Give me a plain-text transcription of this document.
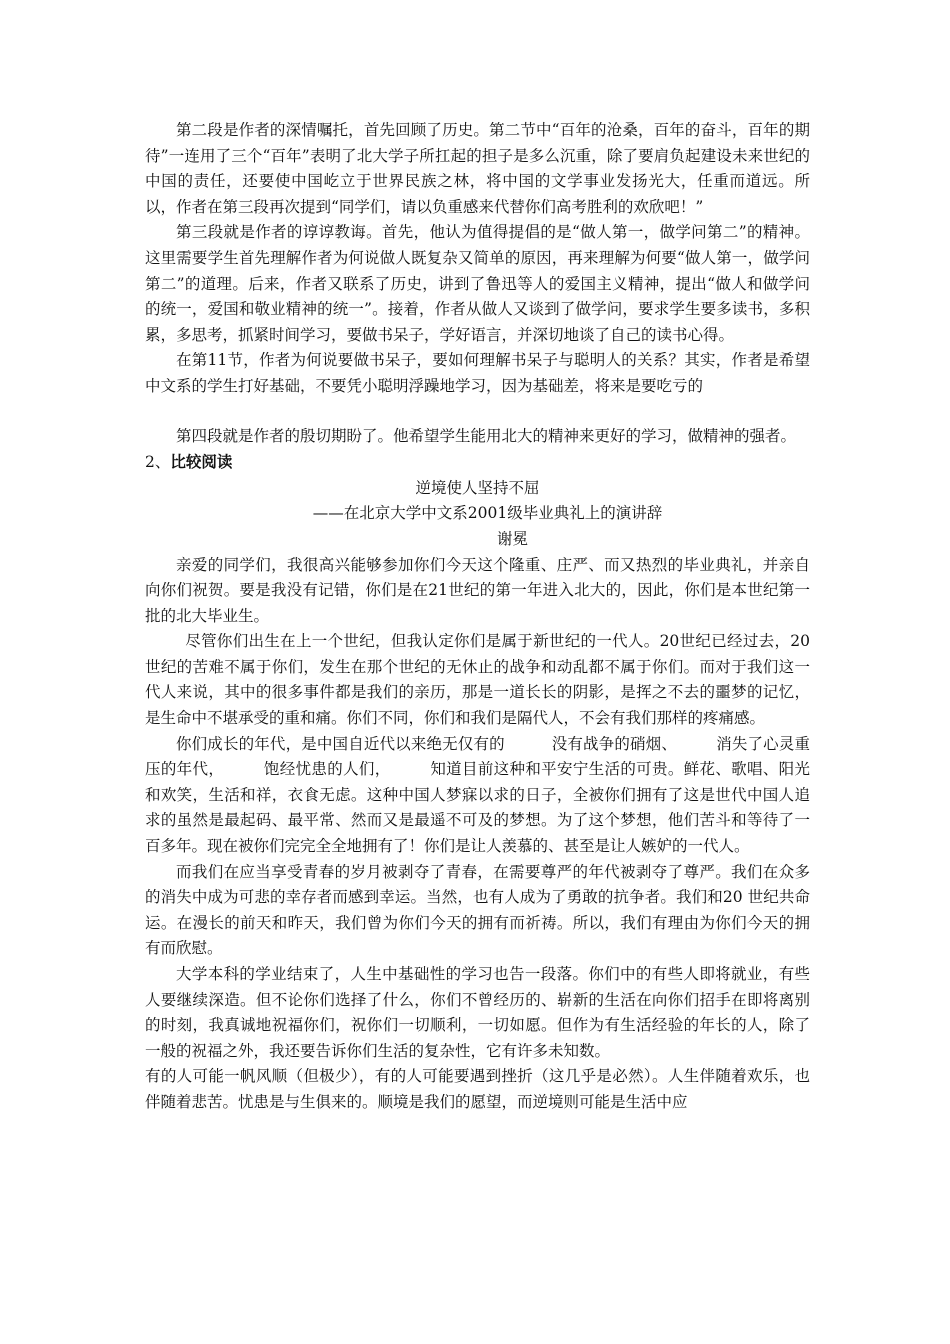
第二段是作者的深情嘱托，首先回顾了历史。第二节中“百年的沧桑，百年的奋斗，百年的期待”一连用了三个“百年”表明了北大学子所扛起的担子是多么沉重，除了要肩负起建设未来世纪的中国的责任，还要使中国屹立于世界民族之林，将中国的文学事业发扬光大，任重而道远。所以，作者在第三段再次提到“同学们，请以负重感来代替你们高考胜利的欢欣吧！”

第三段就是作者的谆谆教诲。首先，他认为值得提倡的是“做人第一，做学问第二”的精神。这里需要学生首先理解作者为何说做人既复杂又简单的原因，再来理解为何要“做人第一，做学问第二”的道理。后来，作者又联系了历史，讲到了鲁迅等人的爱国主义精神，提出“做人和做学问的统一，爱国和敬业精神的统一”。接着，作者从做人又谈到了做学问，要求学生要多读书，多积累，多思考，抓紧时间学习，要做书呆子，学好语言，并深切地谈了自己的读书心得。

在第11节，作者为何说要做书呆子，要如何理解书呆子与聪明人的关系？其实，作者是希望中文系的学生打好基础，不要凭小聪明浮躁地学习，因为基础差，将来是要吃亏的

第四段就是作者的殷切期盼了。他希望学生能用北大的精神来更好的学习，做精神的强者。

2、比较阅读

逆境使人坚持不屈

——在北京大学中文系2001级毕业典礼上的演讲辞

谢冕

亲爱的同学们，我很高兴能够参加你们今天这个隆重、庄严、而又热烈的毕业典礼，并亲自向你们祝贺。要是我没有记错，你们是在21世纪的第一年进入北大的，因此，你们是本世纪第一批的北大毕业生。

尽管你们出生在上一个世纪，但我认定你们是属于新世纪的一代人。20世纪已经过去，20世纪的苦难不属于你们，发生在那个世纪的无休止的战争和动乱都不属于你们。而对于我们这一代人来说，其中的很多事件都是我们的亲历，那是一道长长的阴影，是挥之不去的噩梦的记忆，是生命中不堪承受的重和痛。你们不同，你们和我们是隔代人，不会有我们那样的疼痛感。

你们成长的年代，是中国自近代以来绝无仅有的　　　没有战争的硝烟、　　　消失了心灵重压的年代，　　　饱经忧患的人们，　　　知道目前这种和平安宁生活的可贵。鲜花、歌唱、阳光和欢笑，生活和祥，衣食无虑。这种中国人梦寐以求的日子，全被你们拥有了这是世代中国人追求的虽然是最起码、最平常、然而又是最遥不可及的梦想。为了这个梦想，他们苦斗和等待了一百多年。现在被你们完完全全地拥有了！你们是让人羡慕的、甚至是让人嫉妒的一代人。

而我们在应当享受青春的岁月被剥夺了青春，在需要尊严的年代被剥夺了尊严。我们在众多的消失中成为可悲的幸存者而感到幸运。当然，也有人成为了勇敢的抗争者。我们和20 世纪共命运。在漫长的前天和昨天，我们曾为你们今天的拥有而祈祷。所以，我们有理由为你们今天的拥有而欣慰。

大学本科的学业结束了，人生中基础性的学习也告一段落。你们中的有些人即将就业，有些人要继续深造。但不论你们选择了什么，你们不曾经历的、崭新的生活在向你们招手在即将离别的时刻，我真诚地祝福你们，祝你们一切顺利，一切如愿。但作为有生活经验的年长的人，除了一般的祝福之外，我还要告诉你们生活的复杂性，它有许多未知数。

有的人可能一帆风顺（但极少），有的人可能要遇到挫折（这几乎是必然）。人生伴随着欢乐，也伴随着悲苦。忧患是与生俱来的。顺境是我们的愿望，而逆境则可能是生活中应
